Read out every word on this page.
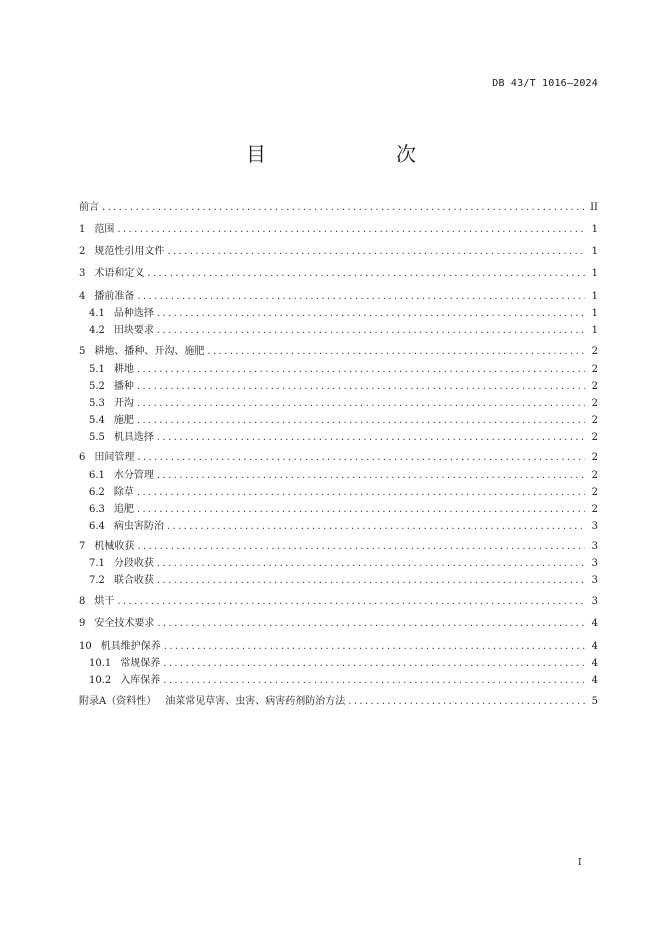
DB 43/T 1016—2024
目　　次
前言 .....	II
1 范围 .....	1
2 规范性引用文件 .....	1
3 术语和定义 .....	1
4 播前准备 .....	1
4.1 品种选择 .....	1
4.2 田块要求 .....	1
5 耕地、播种、开沟、施肥 .....	2
5.1 耕地 .....	2
5.2 播种 .....	2
5.3 开沟 .....	2
5.4 施肥 .....	2
5.5 机具选择 .....	2
6 田间管理 .....	2
6.1 水分管理 .....	2
6.2 除草 .....	2
6.3 追肥 .....	2
6.4 病虫害防治 .....	3
7 机械收获 .....	3
7.1 分段收获 .....	3
7.2 联合收获 .....	3
8 烘干 .....	3
9 安全技术要求 .....	4
10 机具维护保养 .....	4
10.1 常规保养 .....	4
10.2 入库保养 .....	4
附录A（资料性） 油菜常见草害、虫害、病害药剂防治方法 .....	5
I
